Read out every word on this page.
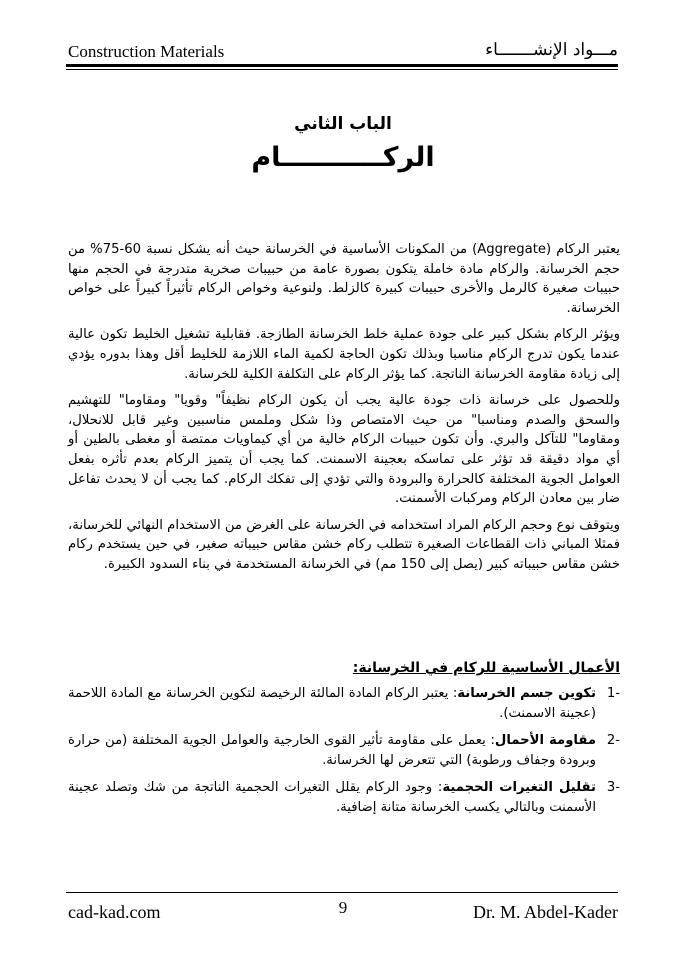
Construction Materials	مـــواد الإنشـــــــاء
الباب الثاني
الركـــــــــــام

يعتبر الركام (Aggregate) من المكونات الأساسية في الخرسانة حيث أنه يشكل نسبة 60-75% من حجم الخرسانة. والركام مادة خاملة يتكون بصورة عامة من حبيبات صخرية متدرجة في الحجم منها حبيبات صغيرة كالرمل والأخرى حبيبات كبيرة كالزلط. ولنوعية وخواص الركام تأثيراً كبيراً على خواص الخرسانة.

ويؤثر الركام بشكل كبير على جودة عملية خلط الخرسانة الطازجة. فقابلية تشغيل الخليط تكون عالية عندما يكون تدرج الركام مناسبا وبذلك تكون الحاجة لكمية الماء اللازمة للخليط أقل وهذا بدوره يؤدي إلى زيادة مقاومة الخرسانة الناتجة. كما يؤثر الركام على التكلفة الكلية للخرسانة.

وللحصول على خرسانة ذات جودة عالية يجب أن يكون الركام نظيفاً" وقويا" ومقاوما" للتهشيم والسحق والصدم ومناسبا" من حيث الامتصاص وذا شكل وملمس مناسبين وغير قابل للانحلال، ومقاوما" للتآكل والبري. وأن تكون حبيبات الركام خالية من أي كيماويات ممتصة أو مغطى بالطين أو أي مواد دقيقة قد تؤثر على تماسكه بعجينة الاسمنت. كما يجب أن يتميز الركام بعدم تأثره بفعل العوامل الجوية المختلفة كالحرارة والبرودة والتي تؤدي إلى تفكك الركام. كما يجب أن لا يحدث تفاعل ضار بين معادن الركام ومركبات الأسمنت.

ويتوقف نوع وحجم الركام المراد استخدامه في الخرسانة على الغرض من الاستخدام النهائي للخرسانة، فمثلا المباني ذات القطاعات الصغيرة تتطلب ركام خشن مقاس حبيباته صغير، في حين يستخدم ركام خشن مقاس حبيباته كبير (يصل إلى 150 مم) في الخرسانة المستخدمة في بناء السدود الكبيرة.

الأعمال الأساسية للركام في الخرسانة:
-1
تكوين جسم الخرسانة: يعتبر الركام المادة المالئة الرخيصة لتكوين الخرسانة مع المادة اللاحمة (عجينة الاسمنت).
-2
مقاومة الأحمال: يعمل على مقاومة تأثير القوى الخارجية والعوامل الجوية المختلفة (من حرارة وبرودة وجفاف ورطوبة) التي تتعرض لها الخرسانة.
-3
تقليل التغيرات الحجمية: وجود الركام يقلل التغيرات الحجمية الناتجة من شك وتصلد عجينة الأسمنت وبالتالي يكسب الخرسانة متانة إضافية.
cad-kad.com	9	Dr. M. Abdel-Kader
